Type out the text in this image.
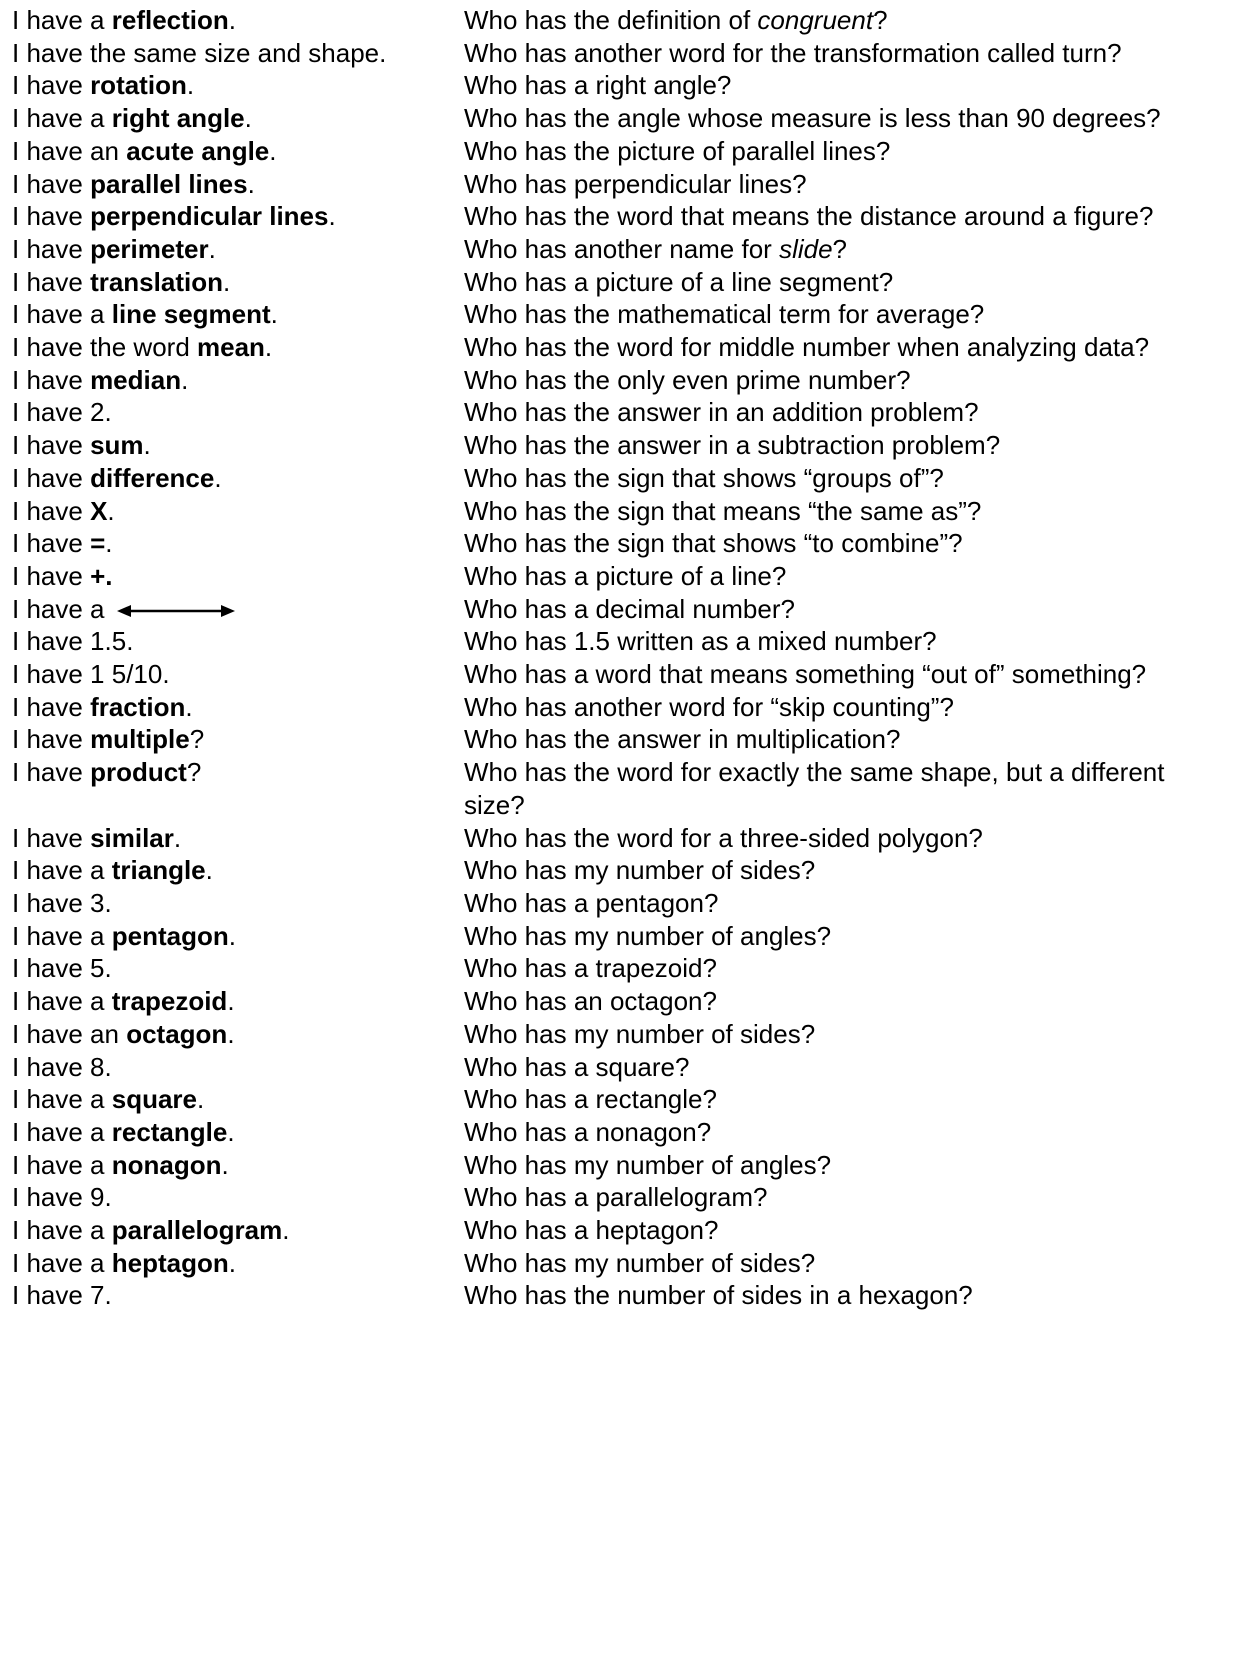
I have a reflection.	Who has the definition of congruent?
I have the same size and shape.	Who has another word for the transformation called turn?
I have rotation.	Who has a right angle?
I have a right angle.	Who has the angle whose measure is less than 90 degrees?
I have an acute angle.	Who has the picture of parallel lines?
I have parallel lines.	Who has perpendicular lines?
I have perpendicular lines.	Who has the word that means the distance around a figure?
I have perimeter.	Who has another name for slide?
I have translation.	Who has a picture of a line segment?
I have a line segment.	Who has the mathematical term for average?
I have the word mean.	Who has the word for middle number when analyzing data?
I have median.	Who has the only even prime number?
I have 2.	Who has the answer in an addition problem?
I have sum.	Who has the answer in a subtraction problem?
I have difference.	Who has the sign that shows “groups of”?
I have X.	Who has the sign that means “the same as”?
I have =.	Who has the sign that shows “to combine”?
I have +.	Who has a picture of a line?
I have a	Who has a decimal number?
I have 1.5.	Who has 1.5 written as a mixed number?
I have 1 5/10.	Who has a word that means something “out of” something?
I have fraction.	Who has another word for “skip counting”?
I have multiple?	Who has the answer in multiplication?
I have product?	Who has the word for exactly the same shape, but a different size?
I have similar.	Who has the word for a three-sided polygon?
I have a triangle.	Who has my number of sides?
I have 3.	Who has a pentagon?
I have a pentagon.	Who has my number of angles?
I have 5.	Who has a trapezoid?
I have a trapezoid.	Who has an octagon?
I have an octagon.	Who has my number of sides?
I have 8.	Who has a square?
I have a square.	Who has a rectangle?
I have a rectangle.	Who has a nonagon?
I have a nonagon.	Who has my number of angles?
I have 9.	Who has a parallelogram?
I have a parallelogram.	Who has a heptagon?
I have a heptagon.	Who has my number of sides?
I have 7.	Who has the number of sides in a hexagon?
